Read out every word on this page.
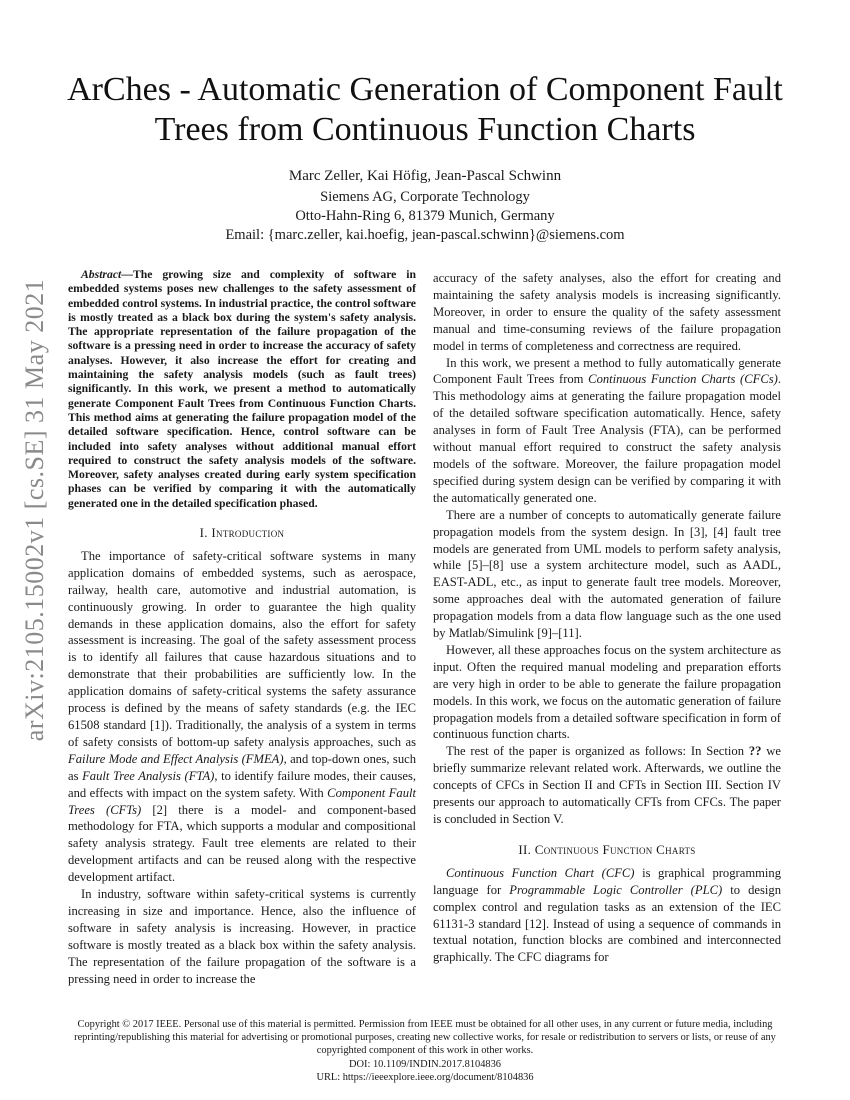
arXiv:2105.15002v1 [cs.SE] 31 May 2021
ArChes - Automatic Generation of Component Fault Trees from Continuous Function Charts
Marc Zeller, Kai Höfig, Jean-Pascal Schwinn
Siemens AG, Corporate Technology
Otto-Hahn-Ring 6, 81379 Munich, Germany
Email: {marc.zeller, kai.hoefig, jean-pascal.schwinn}@siemens.com

Abstract—The growing size and complexity of software in embedded systems poses new challenges to the safety assessment of embedded control systems. In industrial practice, the control software is mostly treated as a black box during the system's safety analysis. The appropriate representation of the failure propagation of the software is a pressing need in order to increase the accuracy of safety analyses. However, it also increase the effort for creating and maintaining the safety analysis models (such as fault trees) significantly. In this work, we present a method to automatically generate Component Fault Trees from Continuous Function Charts. This method aims at generating the failure propagation model of the detailed software specification. Hence, control software can be included into safety analyses without additional manual effort required to construct the safety analysis models of the software. Moreover, safety analyses created during early system specification phases can be verified by comparing it with the automatically generated one in the detailed specification phased.

I. Introduction

The importance of safety-critical software systems in many application domains of embedded systems, such as aerospace, railway, health care, automotive and industrial automation, is continuously growing. In order to guarantee the high quality demands in these application domains, also the effort for safety assessment is increasing. The goal of the safety assessment process is to identify all failures that cause hazardous situations and to demonstrate that their probabilities are sufficiently low. In the application domains of safety-critical systems the safety assurance process is defined by the means of safety standards (e.g. the IEC 61508 standard [1]). Traditionally, the analysis of a system in terms of safety consists of bottom-up safety analysis approaches, such as Failure Mode and Effect Analysis (FMEA), and top-down ones, such as Fault Tree Analysis (FTA), to identify failure modes, their causes, and effects with impact on the system safety. With Component Fault Trees (CFTs) [2] there is a model- and component-based methodology for FTA, which supports a modular and compositional safety analysis strategy. Fault tree elements are related to their development artifacts and can be reused along with the respective development artifact.

In industry, software within safety-critical systems is currently increasing in size and importance. Hence, also the influence of software in safety analysis is increasing. However, in practice software is mostly treated as a black box within the safety analysis. The representation of the failure propagation of the software is a pressing need in order to increase the

accuracy of the safety analyses, also the effort for creating and maintaining the safety analysis models is increasing significantly. Moreover, in order to ensure the quality of the safety assessment manual and time-consuming reviews of the failure propagation model in terms of completeness and correctness are required.

In this work, we present a method to fully automatically generate Component Fault Trees from Continuous Function Charts (CFCs). This methodology aims at generating the failure propagation model of the detailed software specification automatically. Hence, safety analyses in form of Fault Tree Analysis (FTA), can be performed without manual effort required to construct the safety analysis models of the software. Moreover, the failure propagation model specified during system design can be verified by comparing it with the automatically generated one.

There are a number of concepts to automatically generate failure propagation models from the system design. In [3], [4] fault tree models are generated from UML models to perform safety analysis, while [5]–[8] use a system architecture model, such as AADL, EAST-ADL, etc., as input to generate fault tree models. Moreover, some approaches deal with the automated generation of failure propagation models from a data flow language such as the one used by Matlab/Simulink [9]–[11].

However, all these approaches focus on the system architecture as input. Often the required manual modeling and preparation efforts are very high in order to be able to generate the failure propagation models. In this work, we focus on the automatic generation of failure propagation models from a detailed software specification in form of continuous function charts.

The rest of the paper is organized as follows: In Section ?? we briefly summarize relevant related work. Afterwards, we outline the concepts of CFCs in Section II and CFTs in Section III. Section IV presents our approach to automatically CFTs from CFCs. The paper is concluded in Section V.

II. Continuous Function Charts

Continuous Function Chart (CFC) is graphical programming language for Programmable Logic Controller (PLC) to design complex control and regulation tasks as an extension of the IEC 61131-3 standard [12]. Instead of using a sequence of commands in textual notation, function blocks are combined and interconnected graphically. The CFC diagrams for

Copyright © 2017 IEEE. Personal use of this material is permitted. Permission from IEEE must be obtained for all other uses, in any current or future media, including reprinting/republishing this material for advertising or promotional purposes, creating new collective works, for resale or redistribution to servers or lists, or reuse of any copyrighted component of this work in other works.
DOI: 10.1109/INDIN.2017.8104836
URL: https://ieeexplore.ieee.org/document/8104836
